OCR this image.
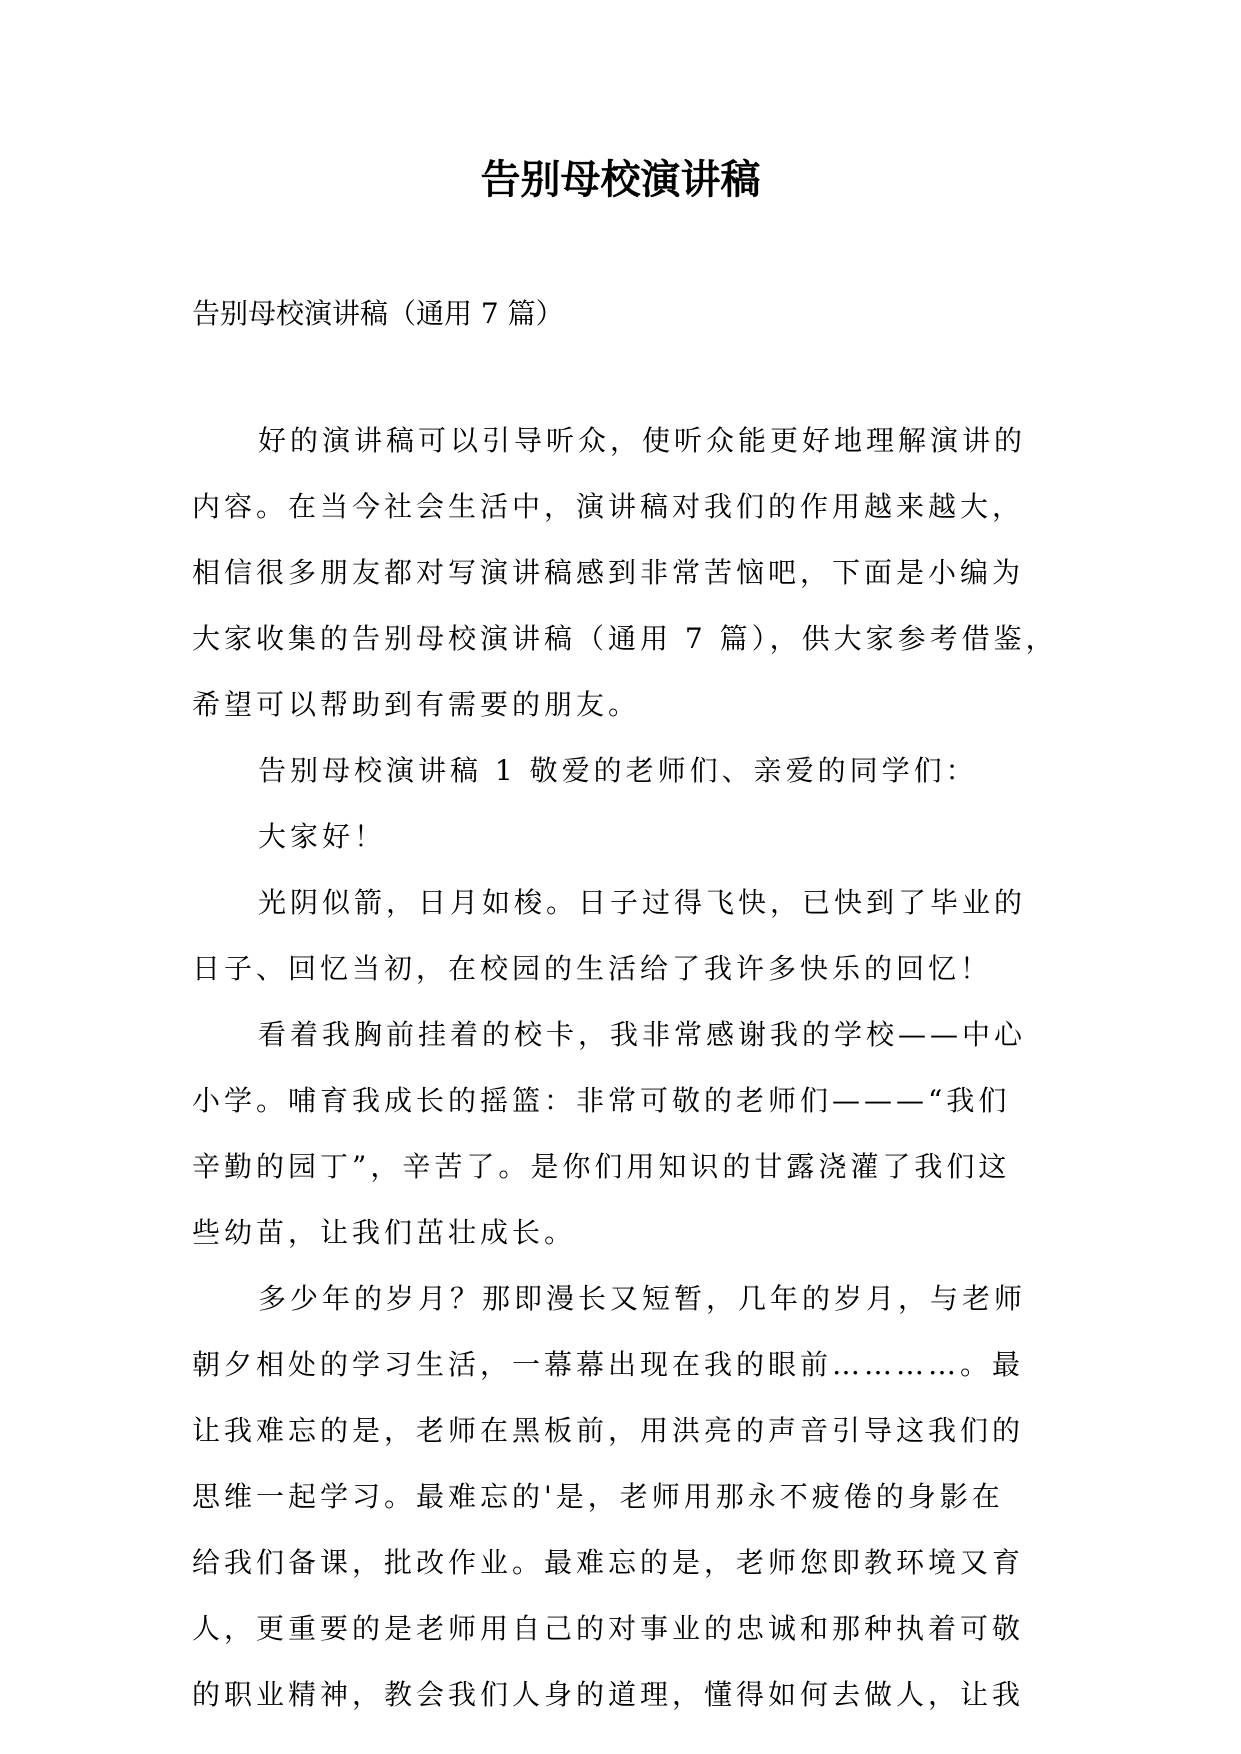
告别母校演讲稿

告别母校演讲稿（通用 7 篇）

好的演讲稿可以引导听众，使听众能更好地理解演讲的
内容。在当今社会生活中，演讲稿对我们的作用越来越大，
相信很多朋友都对写演讲稿感到非常苦恼吧，下面是小编为
大家收集的告别母校演讲稿（通用 7 篇），供大家参考借鉴，
希望可以帮助到有需要的朋友。
告别母校演讲稿 1 敬爱的老师们、亲爱的同学们：
大家好！
光阴似箭，日月如梭。日子过得飞快，已快到了毕业的
日子、回忆当初，在校园的生活给了我许多快乐的回忆！
看着我胸前挂着的校卡，我非常感谢我的学校——中心
小学。哺育我成长的摇篮：非常可敬的老师们———“我们
辛勤的园丁”，辛苦了。是你们用知识的甘露浇灌了我们这
些幼苗，让我们茁壮成长。
多少年的岁月？那即漫长又短暂，几年的岁月，与老师
朝夕相处的学习生活，一幕幕出现在我的眼前…………。最
让我难忘的是，老师在黑板前，用洪亮的声音引导这我们的
思维一起学习。最难忘的'是，老师用那永不疲倦的身影在
给我们备课，批改作业。最难忘的是，老师您即教环境又育
人，更重要的是老师用自己的对事业的忠诚和那种执着可敬
的职业精神，教会我们人身的道理，懂得如何去做人，让我
